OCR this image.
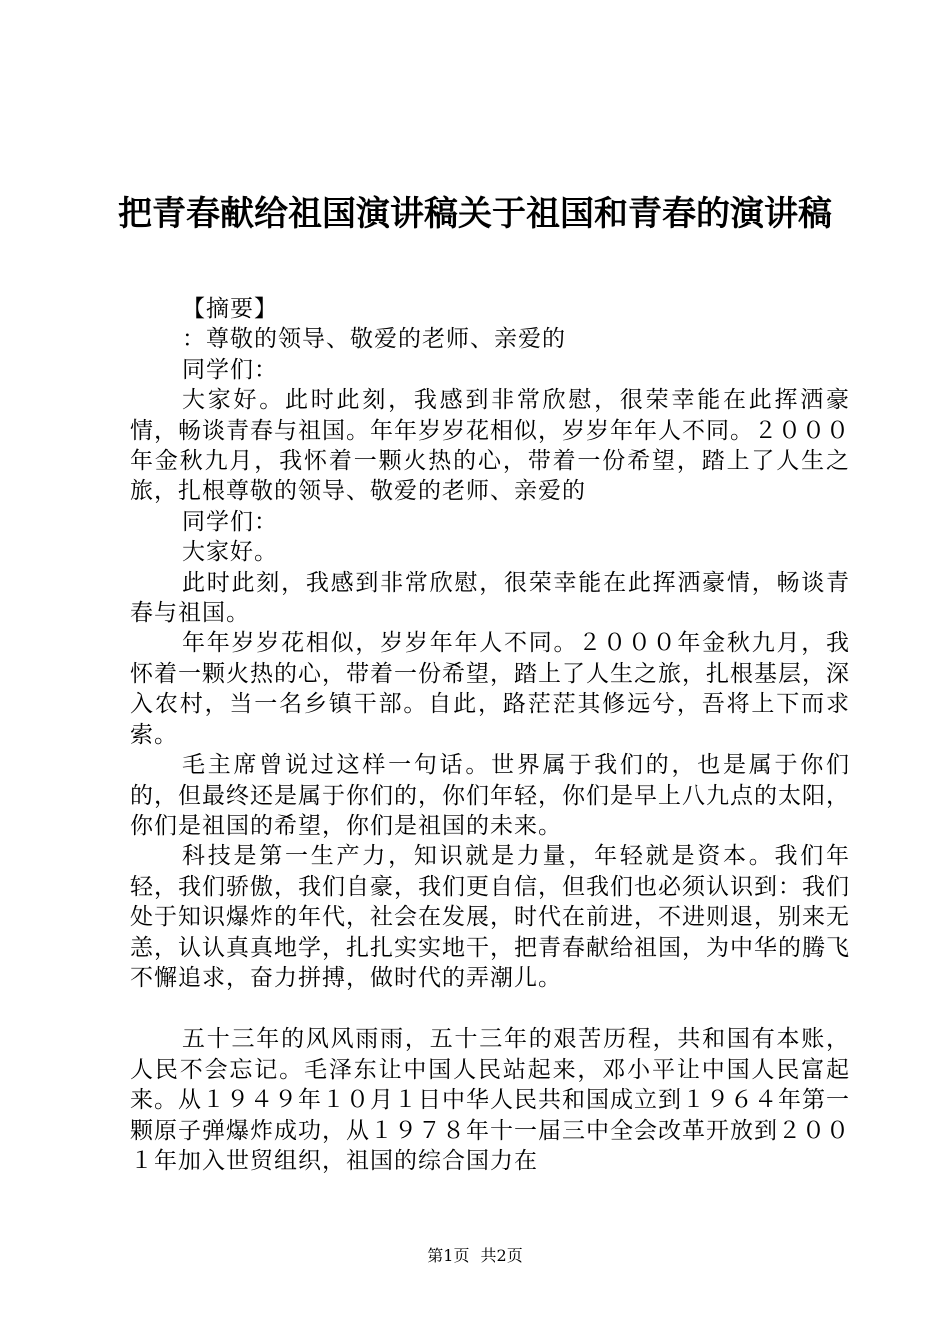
把青春献给祖国演讲稿关于祖国和青春的演讲稿

【摘要】

：尊敬的领导、敬爱的老师、亲爱的

同学们：

大家好。此时此刻，我感到非常欣慰，很荣幸能在此挥洒豪情，畅谈青春与祖国。年年岁岁花相似，岁岁年年人不同。２０００年金秋九月，我怀着一颗火热的心，带着一份希望，踏上了人生之旅，扎根尊敬的领导、敬爱的老师、亲爱的

同学们：

大家好。

此时此刻，我感到非常欣慰，很荣幸能在此挥洒豪情，畅谈青春与祖国。

年年岁岁花相似，岁岁年年人不同。２０００年金秋九月，我怀着一颗火热的心，带着一份希望，踏上了人生之旅，扎根基层，深入农村，当一名乡镇干部。自此，路茫茫其修远兮，吾将上下而求索。

毛主席曾说过这样一句话。世界属于我们的，也是属于你们的，但最终还是属于你们的，你们年轻，你们是早上八九点的太阳，你们是祖国的希望，你们是祖国的未来。

科技是第一生产力，知识就是力量，年轻就是资本。我们年轻，我们骄傲，我们自豪，我们更自信，但我们也必须认识到：我们处于知识爆炸的年代，社会在发展，时代在前进，不进则退，别来无恙，认认真真地学，扎扎实实地干，把青春献给祖国，为中华的腾飞不懈追求，奋力拼搏，做时代的弄潮儿。

五十三年的风风雨雨，五十三年的艰苦历程，共和国有本账，人民不会忘记。毛泽东让中国人民站起来，邓小平让中国人民富起来。从１９４９年１０月１日中华人民共和国成立到１９６４年第一颗原子弹爆炸成功，从１９７８年十一届三中全会改革开放到２００１年加入世贸组织，祖国的综合国力在

第1页 共2页
